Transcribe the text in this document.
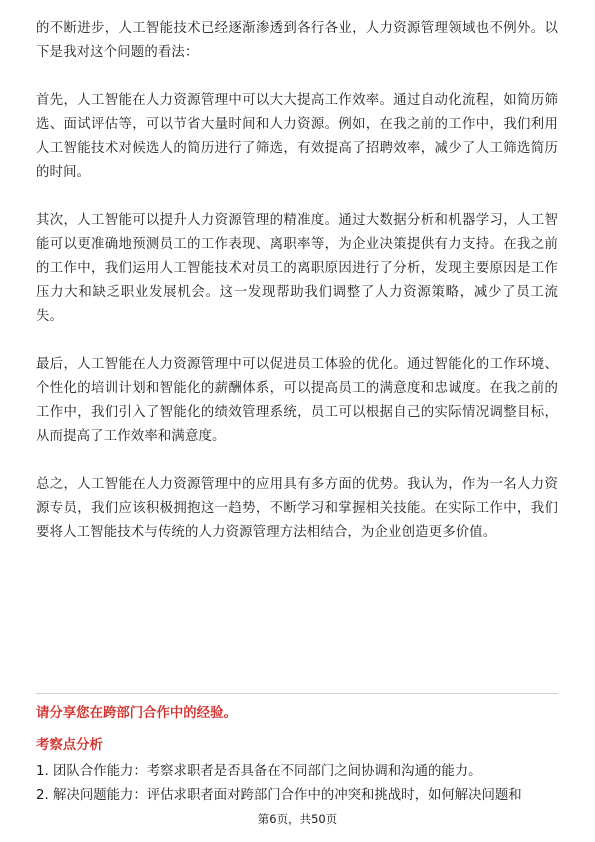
的不断进步，人工智能技术已经逐渐渗透到各行各业，人力资源管理领域也不例外。以下是我对这个问题的看法：

首先，人工智能在人力资源管理中可以大大提高工作效率。通过自动化流程，如简历筛选、面试评估等，可以节省大量时间和人力资源。例如，在我之前的工作中，我们利用人工智能技术对候选人的简历进行了筛选，有效提高了招聘效率，减少了人工筛选简历的时间。

其次，人工智能可以提升人力资源管理的精准度。通过大数据分析和机器学习，人工智能可以更准确地预测员工的工作表现、离职率等，为企业决策提供有力支持。在我之前的工作中，我们运用人工智能技术对员工的离职原因进行了分析，发现主要原因是工作压力大和缺乏职业发展机会。这一发现帮助我们调整了人力资源策略，减少了员工流失。

最后，人工智能在人力资源管理中可以促进员工体验的优化。通过智能化的工作环境、个性化的培训计划和智能化的薪酬体系，可以提高员工的满意度和忠诚度。在我之前的工作中，我们引入了智能化的绩效管理系统，员工可以根据自己的实际情况调整目标，从而提高了工作效率和满意度。

总之，人工智能在人力资源管理中的应用具有多方面的优势。我认为，作为一名人力资源专员，我们应该积极拥抱这一趋势，不断学习和掌握相关技能。在实际工作中，我们要将人工智能技术与传统的人力资源管理方法相结合，为企业创造更多价值。

请分享您在跨部门合作中的经验。

考察点分析

1. 团队合作能力：考察求职者是否具备在不同部门之间协调和沟通的能力。
2. 解决问题能力：评估求职者面对跨部门合作中的冲突和挑战时，如何解决问题和
第6页，共50页
